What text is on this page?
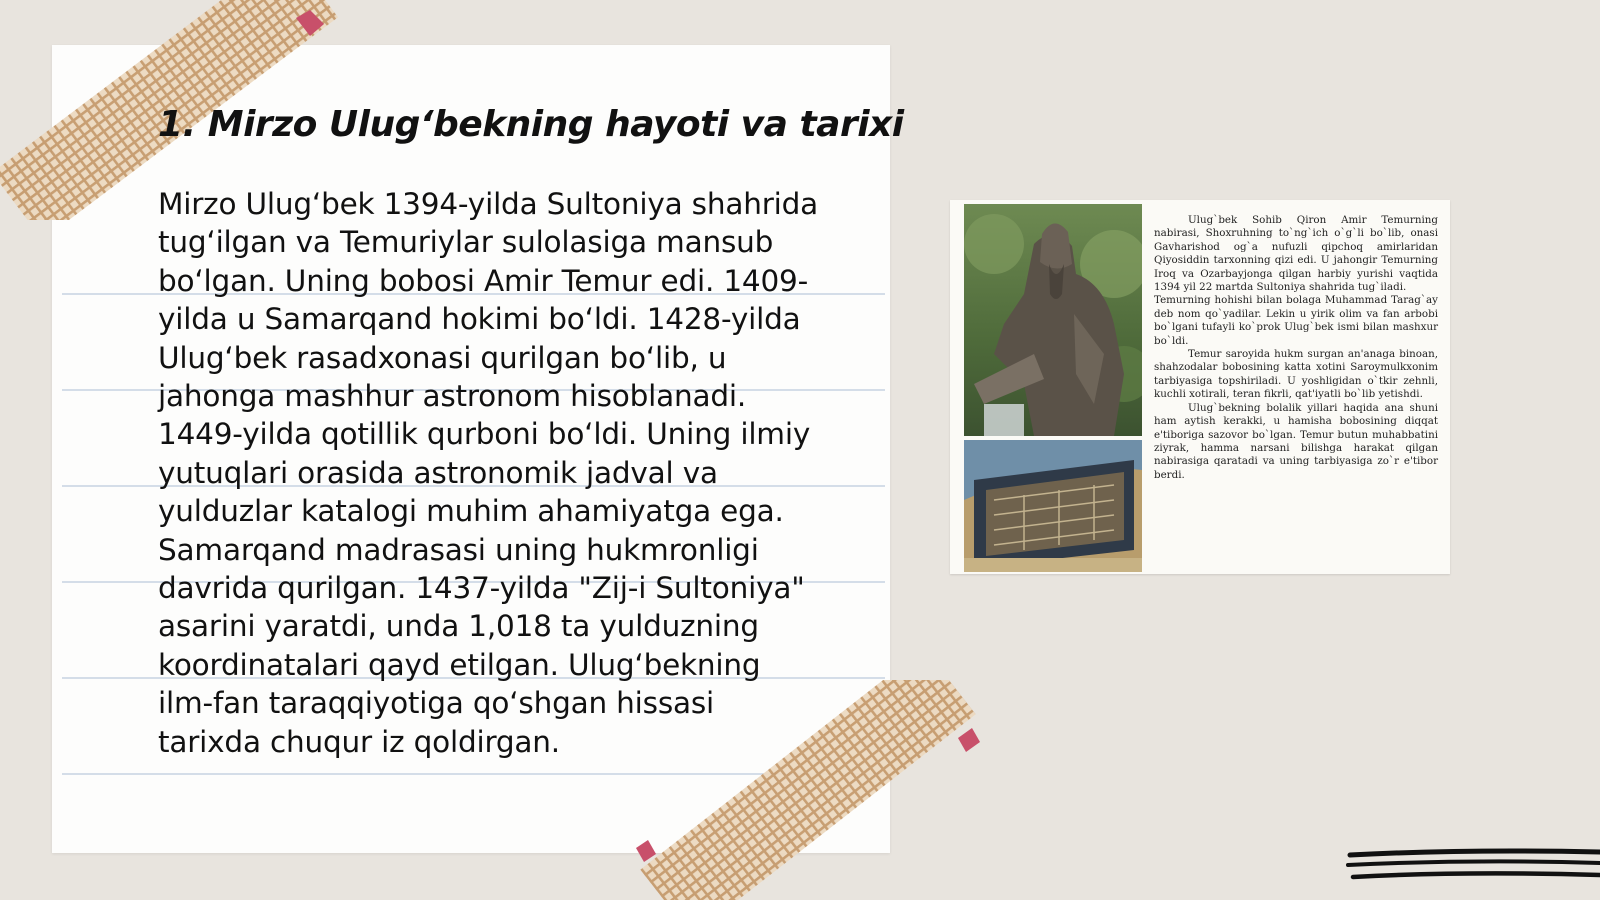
1. Mirzo Ulug‘bekning hayoti va tarixi

Mirzo Ulug‘bek 1394-yilda Sultoniya shahrida
tug‘ilgan va Temuriylar sulolasiga mansub
bo‘lgan. Uning bobosi Amir Temur edi. 1409-
yilda u Samarqand hokimi bo‘ldi. 1428-yilda
Ulug‘bek rasadxonasi qurilgan bo‘lib, u
jahonga mashhur astronom hisoblanadi.
1449-yilda qotillik qurboni bo‘ldi. Uning ilmiy
yutuqlari orasida astronomik jadval va
yulduzlar katalogi muhim ahamiyatga ega.
Samarqand madrasasi uning hukmronligi
davrida qurilgan. 1437-yilda "Zij-i Sultoniya"
asarini yaratdi, unda 1,018 ta yulduzning
koordinatalari qayd etilgan. Ulug‘bekning
ilm-fan taraqqiyotiga qo‘shgan hissasi
tarixda chuqur iz qoldirgan.

Ulug`bek Sohib Qiron Amir Temurning nabirasi, Shoxruhning to`ng`ich o`g`li bo`lib, onasi Gavharishod og`a nufuzli qipchoq amirlaridan Qiyosiddin tarxonning qizi edi. U jahongir Temurning Iroq va Ozarbayjonga qilgan harbiy yurishi vaqtida 1394 yil 22 martda Sultoniya shahrida tug`iladi.

Temurning hohishi bilan bolaga Muhammad Tarag`ay deb nom qo`yadilar. Lekin u yirik olim va fan arbobi bo`lgani tufayli ko`prok Ulug`bek ismi bilan mashxur bo`ldi.

Temur saroyida hukm surgan an'anaga binoan, shahzodalar bobosining katta xotini Saroymulkxonim tarbiyasiga topshiriladi. U yoshligidan o`tkir zehnli, kuchli xotirali, teran fikrli, qat'iyatli bo`lib yetishdi.

Ulug`bekning bolalik yillari haqida ana shuni ham aytish kerakki, u hamisha bobosining diqqat e'tiboriga sazovor bo`lgan. Temur butun muhabbatini ziyrak, hamma narsani bilishga harakat qilgan nabirasiga qaratadi va uning tarbiyasiga zo`r e'tibor berdi.
